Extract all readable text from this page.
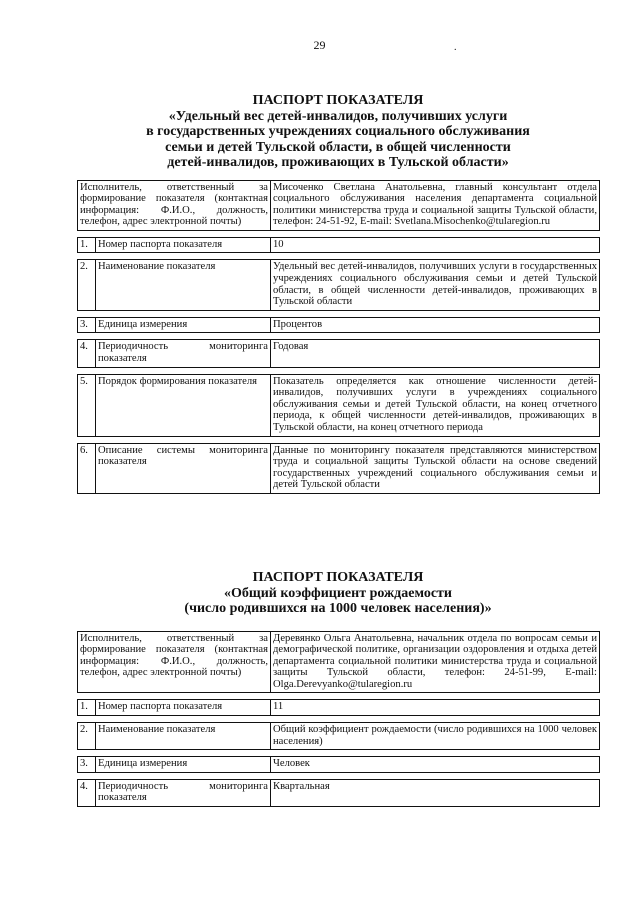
29	.
ПАСПОРТ ПОКАЗАТЕЛЯ
«Удельный вес детей-инвалидов, получивших услуги
в государственных учреждениях социального обслуживания
семьи и детей Тульской области, в общей численности
детей-инвалидов, проживающих в Тульской области»
Исполнитель, ответственный за формирование показателя (контактная информация: Ф.И.О., должность, телефон, адрес электронной почты)		Мисоченко Светлана Анатольевна, главный консультант отдела социального обслуживания населения департамента социальной политики министерства труда и социальной защиты Тульской области, телефон: 24-51-92, E-mail: Svetlana.Misochenko@tularegion.ru

1.	Номер паспорта показателя	10

2.	Наименование показателя	Удельный вес детей-инвалидов, получивших услуги в государственных учреждениях социального обслуживания семьи и детей Тульской области, в общей численности детей-инвалидов, проживающих в Тульской области

3.	Единица измерения	Процентов

4.	Периодичность мониторинга показателя	Годовая

5.	Порядок формирования показателя	Показатель определяется как отношение численности детей-инвалидов, получивших услуги в учреждениях социального обслуживания семьи и детей Тульской области, на конец отчетного периода, к общей численности детей-инвалидов, проживающих в Тульской области, на конец отчетного периода

6.	Описание системы мониторинга показателя	Данные по мониторингу показателя представляются министерством труда и социальной защиты Тульской области на основе сведений государственных учреждений социального обслуживания семьи и детей Тульской области
ПАСПОРТ ПОКАЗАТЕЛЯ
«Общий коэффициент рождаемости
(число родившихся на 1000 человек населения)»
Исполнитель, ответственный за формирование показателя (контактная информация: Ф.И.О., должность, телефон, адрес электронной почты)		Деревянко Ольга Анатольевна, начальник отдела по вопросам семьи и демографической политике, организации оздоровления и отдыха детей департамента социальной политики министерства труда и социальной защиты Тульской области, телефон: 24-51-99, E-mail: Olga.Derevyanko@tularegion.ru

1.	Номер паспорта показателя	11

2.	Наименование показателя	Общий коэффициент рождаемости (число родившихся на 1000 человек населения)

3.	Единица измерения	Человек

4.	Периодичность мониторинга показателя	Квартальная
